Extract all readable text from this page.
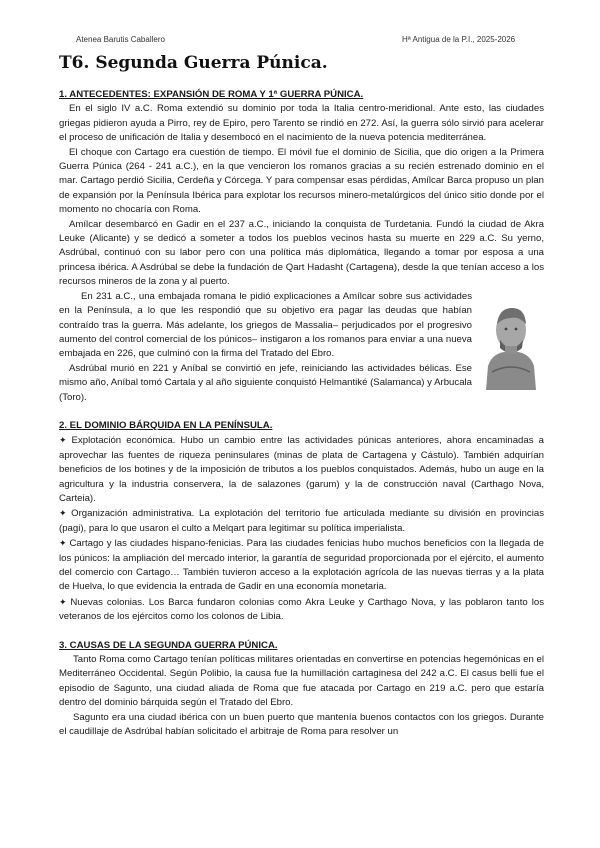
Atenea Barutis Caballero	Hª Antigua de la P.I., 2025-2026
T6. Segunda Guerra Púnica.

1. ANTECEDENTES: EXPANSIÓN DE ROMA Y 1ª GUERRA PÚNICA.

En el siglo IV a.C. Roma extendió su dominio por toda la Italia centro-meridional. Ante esto, las ciudades griegas pidieron ayuda a Pirro, rey de Epiro, pero Tarento se rindió en 272. Así, la guerra sólo sirvió para acelerar el proceso de unificación de Italia y desembocó en el nacimiento de la nueva potencia mediterránea.

El choque con Cartago era cuestión de tiempo. El móvil fue el dominio de Sicilia, que dio origen a la Primera Guerra Púnica (264 - 241 a.C.), en la que vencieron los romanos gracias a su recién estrenado dominio en el mar. Cartago perdió Sicilia, Cerdeña y Córcega. Y para compensar esas pérdidas, Amílcar Barca propuso un plan de expansión por la Península Ibérica para explotar los recursos minero-metalúrgicos del único sitio donde por el momento no chocaría con Roma.

Amílcar desembarcó en Gadir en el 237 a.C., iniciando la conquista de Turdetania. Fundó la ciudad de Akra Leuke (Alicante) y se dedicó a someter a todos los pueblos vecinos hasta su muerte en 229 a.C. Su yerno, Asdrúbal, continuó con su labor pero con una política más diplomática, llegando a tomar por esposa a una princesa ibérica. A Asdrúbal se debe la fundación de Qart Hadasht (Cartagena), desde la que tenían acceso a los recursos mineros de la zona y al puerto.

En 231 a.C., una embajada romana le pidió explicaciones a Amílcar sobre sus actividades en la Península, a lo que les respondió que su objetivo era pagar las deudas que habían contraído tras la guerra. Más adelante, los griegos de Massalia– perjudicados por el progresivo aumento del control comercial de los púnicos– instigaron a los romanos para enviar a una nueva embajada en 226, que culminó con la firma del Tratado del Ebro.

Asdrúbal murió en 221 y Aníbal se convirtió en jefe, reiniciando las actividades bélicas. Ese mismo año, Aníbal tomó Cartala y al año siguiente conquistó Helmantiké (Salamanca) y Arbucala (Toro).

2. EL DOMINIO BÁRQUIDA EN LA PENÍNSULA.

✦ Explotación económica. Hubo un cambio entre las actividades púnicas anteriores, ahora encaminadas a aprovechar las fuentes de riqueza peninsulares (minas de plata de Cartagena y Cástulo). También adquirían beneficios de los botines y de la imposición de tributos a los pueblos conquistados. Además, hubo un auge en la agricultura y la industria conservera, la de salazones (garum) y la de construcción naval (Carthago Nova, Carteia).

✦ Organización administrativa. La explotación del territorio fue articulada mediante su división en provincias (pagi), para lo que usaron el culto a Melqart para legitimar su política imperialista.

✦ Cartago y las ciudades hispano-fenicias. Para las ciudades fenicias hubo muchos beneficios con la llegada de los púnicos: la ampliación del mercado interior, la garantía de seguridad proporcionada por el ejército, el aumento del comercio con Cartago… También tuvieron acceso a la explotación agrícola de las nuevas tierras y a la plata de Huelva, lo que evidencia la entrada de Gadir en una economía monetaria.

✦ Nuevas colonias. Los Barca fundaron colonias como Akra Leuke y Carthago Nova, y las poblaron tanto los veteranos de los ejércitos como los colonos de Libia.

3. CAUSAS DE LA SEGUNDA GUERRA PÚNICA.

Tanto Roma como Cartago tenían políticas militares orientadas en convertirse en potencias hegemónicas en el Mediterráneo Occidental. Según Polibio, la causa fue la humillación cartaginesa del 242 a.C. El casus belli fue el episodio de Sagunto, una ciudad aliada de Roma que fue atacada por Cartago en 219 a.C. pero que estaría dentro del dominio bárquida según el Tratado del Ebro.

Sagunto era una ciudad ibérica con un buen puerto que mantenía buenos contactos con los griegos. Durante el caudillaje de Asdrúbal habían solicitado el arbitraje de Roma para resolver un
